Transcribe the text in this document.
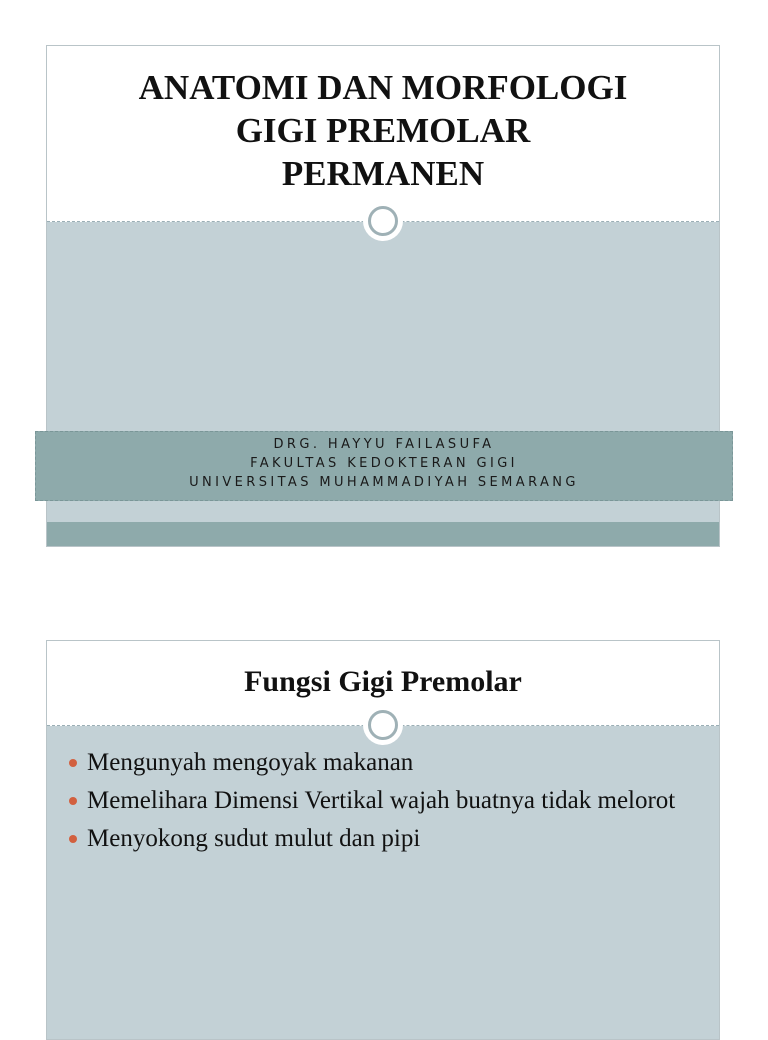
ANATOMI DAN MORFOLOGI
GIGI PREMOLAR
PERMANEN
DRG. HAYYU FAILASUFA
FAKULTAS KEDOKTERAN GIGI
UNIVERSITAS MUHAMMADIYAH SEMARANG
Fungsi Gigi Premolar
Mengunyah mengoyak makanan
Memelihara Dimensi Vertikal wajah buatnya tidak melorot
Menyokong sudut mulut dan pipi
